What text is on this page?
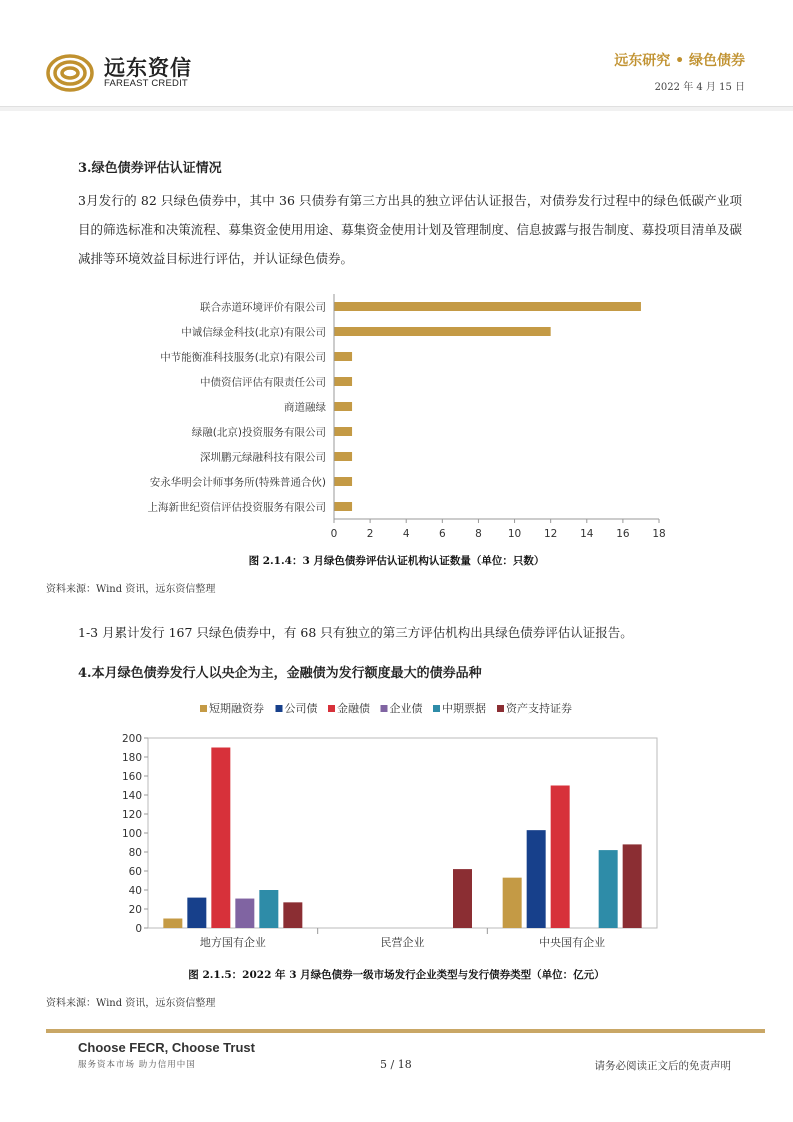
远东资信
FAREAST CREDIT
远东研究 • 绿色债券
2022 年 4 月 15 日
3.绿色债券评估认证情况
3月发行的 82 只绿色债券中，其中 36 只债券有第三方出具的独立评估认证报告，对债券发行过程中的绿色低碳产业项目的筛选标准和决策流程、募集资金使用用途、募集资金使用计划及管理制度、信息披露与报告制度、募投项目清单及碳减排等环境效益目标进行评估，并认证绿色债券。
联合赤道环境评价有限公司
中诚信绿金科技(北京)有限公司
中节能衡准科技服务(北京)有限公司
中债资信评估有限责任公司
商道融绿
绿融(北京)投资服务有限公司
深圳鹏元绿融科技有限公司
安永华明会计师事务所(特殊普通合伙)
上海新世纪资信评估投资服务有限公司
0	2	4	6	8 10 12 14 16 18
图 2.1.4：3 月绿色债券评估认证机构认证数量（单位：只数）
资料来源：Wind 资讯，远东资信整理
1-3 月累计发行 167 只绿色债券中，有 68 只有独立的第三方评估机构出具绿色债券评估认证报告。
4.本月绿色债券发行人以央企为主，金融债为发行额度最大的债券品种
短期融资券 公司债 金融债 企业债 中期票据 资产支持证券
0
20
40
60
80
100
120
140
160
180
200
地方国有企业	民营企业	中央国有企业
图 2.1.5：2022 年 3 月绿色债券一级市场发行企业类型与发行债券类型（单位：亿元）
资料来源：Wind 资讯，远东资信整理
Choose FECR, Choose Trust
服务资本市场 助力信用中国	5 / 18	请务必阅读正文后的免责声明
